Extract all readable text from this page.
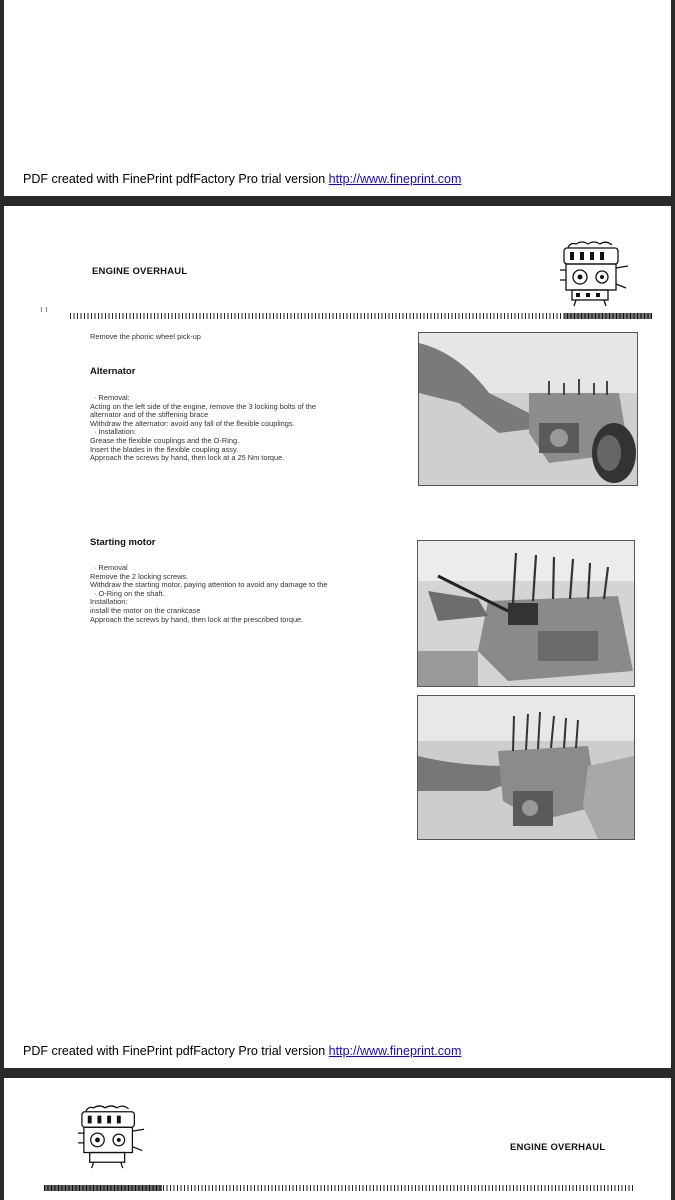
PDF created with FinePrint pdfFactory Pro trial version http://www.fineprint.com
ENGINE OVERHAUL
ı ı
Remove the phonic wheel pick-up
Alternator
· Removal:
Acting on the left side of the engine, remove the 3 locking bolts of the
alternator and of the stiffening brace
Withdraw the alternator: avoid any fall of the flexible couplings.
· Installation:
Grease the flexible couplings and the O-Ring.
Insert the blades in the flexible coupling assy.
Approach the screws by hand, then lock at a 25 Nm torque.
Starting motor
· Removal
Remove the 2 locking screws.
Withdraw the starting motor, paying attention to avoid any damage to the
· O-Ring on the shaft.
Installation:
install the motor on the crankcase
Approach the screws by hand, then lock at the prescribed torque.
PDF created with FinePrint pdfFactory Pro trial version http://www.fineprint.com
ENGINE OVERHAUL
